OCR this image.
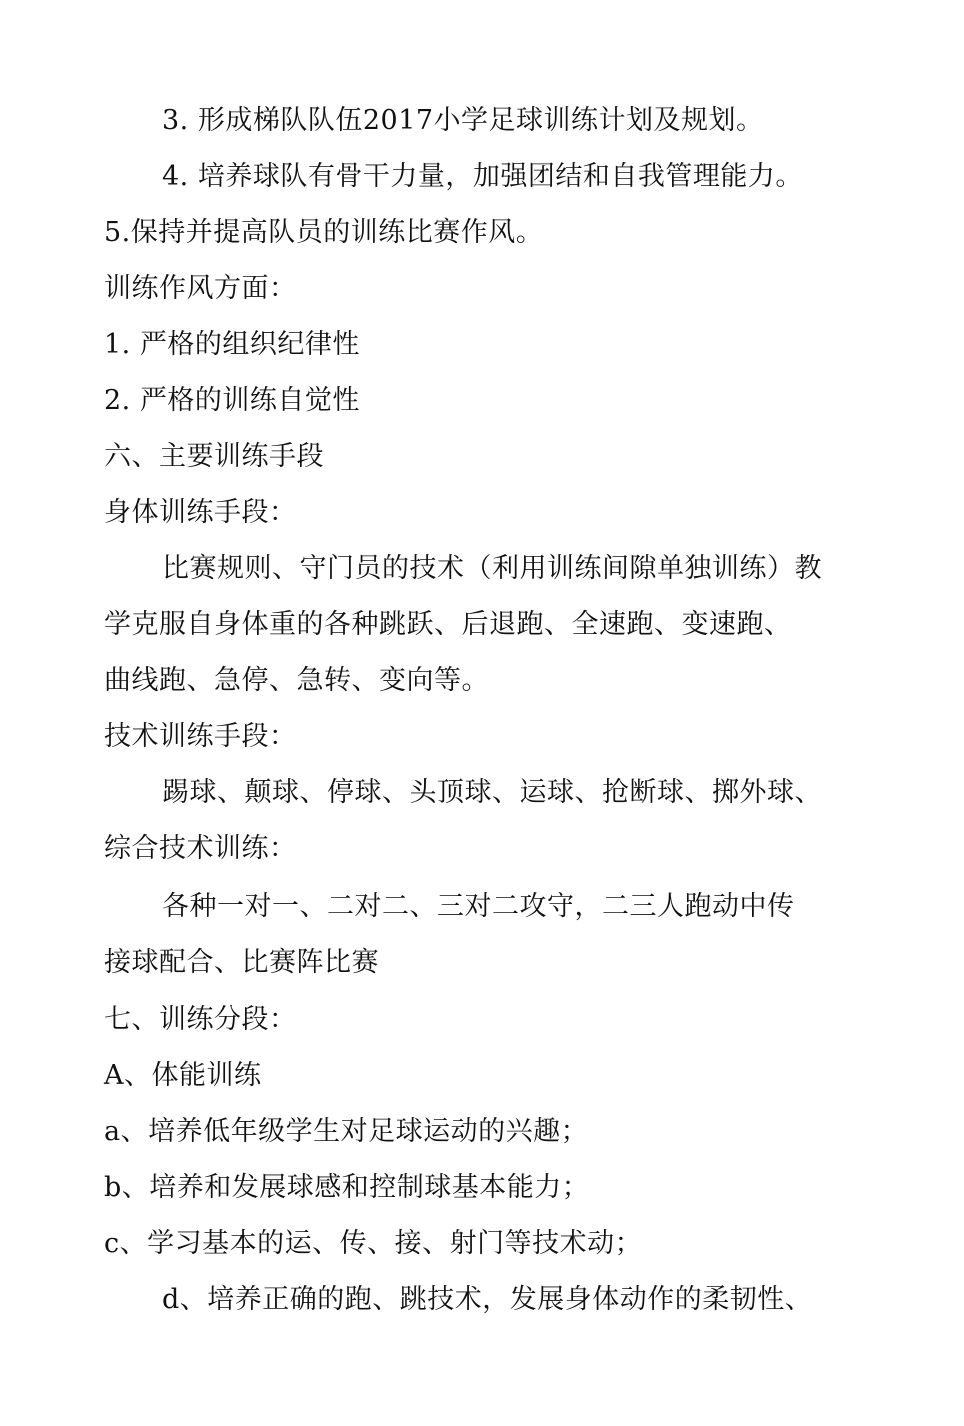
3. 形成梯队队伍2017小学足球训练计划及规划。
4. 培养球队有骨干力量，加强团结和自我管理能力。
5.保持并提高队员的训练比赛作风。
训练作风方面：
1. 严格的组织纪律性
2. 严格的训练自觉性
六、主要训练手段
身体训练手段：
比赛规则、守门员的技术（利用训练间隙单独训练）教
学克服自身体重的各种跳跃、后退跑、全速跑、变速跑、
曲线跑、急停、急转、变向等。
技术训练手段：
踢球、颠球、停球、头顶球、运球、抢断球、掷外球、
综合技术训练：
各种一对一、二对二、三对二攻守，二三人跑动中传
接球配合、比赛阵比赛
七、训练分段：
A、体能训练
a、培养低年级学生对足球运动的兴趣；
b、培养和发展球感和控制球基本能力；
c、学习基本的运、传、接、射门等技术动；
d、培养正确的跑、跳技术，发展身体动作的柔韧性、
